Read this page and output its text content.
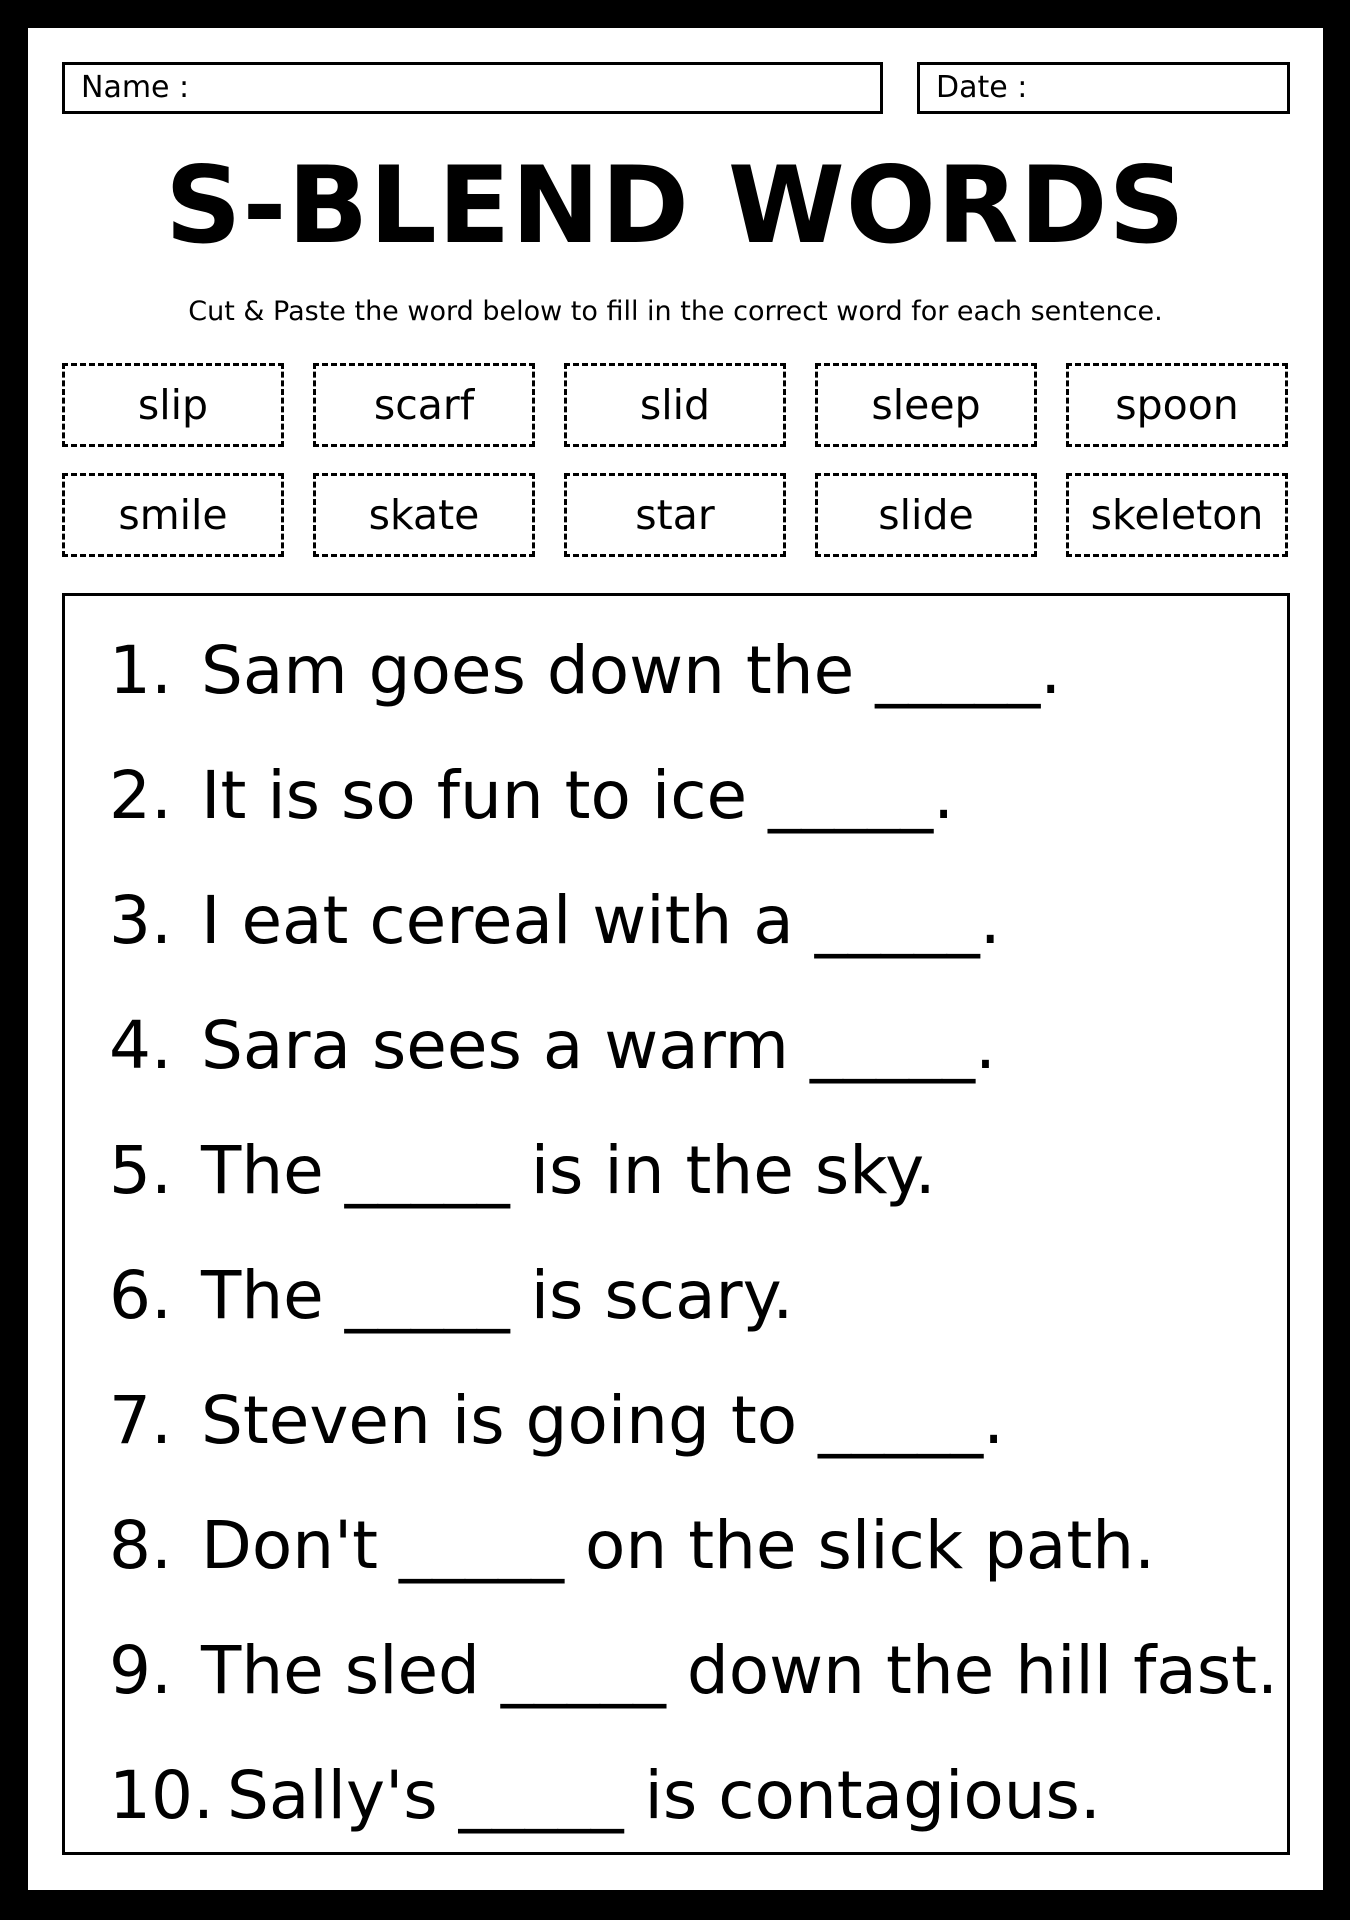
Name :	Date :
S-BLEND WORDS

Cut & Paste the word below to fill in the correct word for each sentence.

slip	scarf	slid	sleep	spoon
smile	skate	star	slide	skeleton
1. Sam goes down the _____.
2. It is so fun to ice _____.
3. I eat cereal with a _____.
4. Sara sees a warm _____.
5. The _____ is in the sky.
6. The _____ is scary.
7. Steven is going to _____.
8. Don't _____ on the slick path.
9. The sled _____ down the hill fast.
10. Sally's _____ is contagious.
